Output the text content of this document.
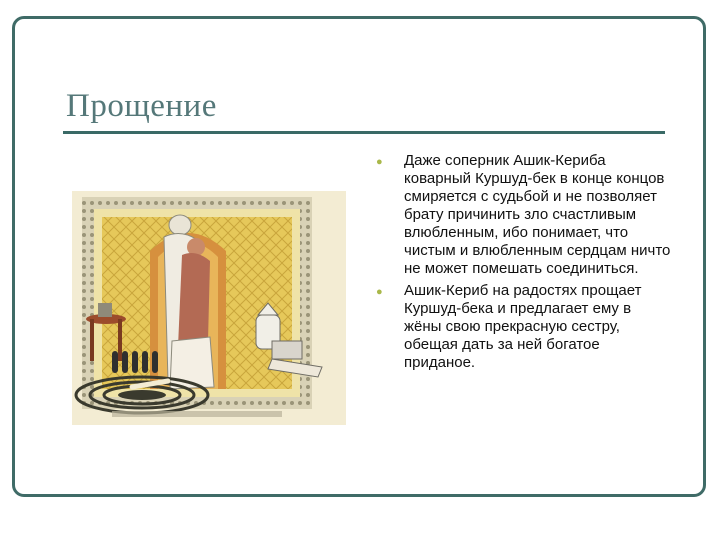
Прощение
● Даже соперник Ашик-Кериба коварный Куршуд-бек в конце концов смиряется с судьбой и не позволяет брату причинить зло счастливым влюбленным, ибо понимает, что чистым и влюбленным сердцам ничто не может помешать соединиться.
● Ашик-Кериб на радостях прощает Куршуд-бека и предлагает ему в жёны свою прекрасную сестру, обещая дать за ней богатое приданое.
